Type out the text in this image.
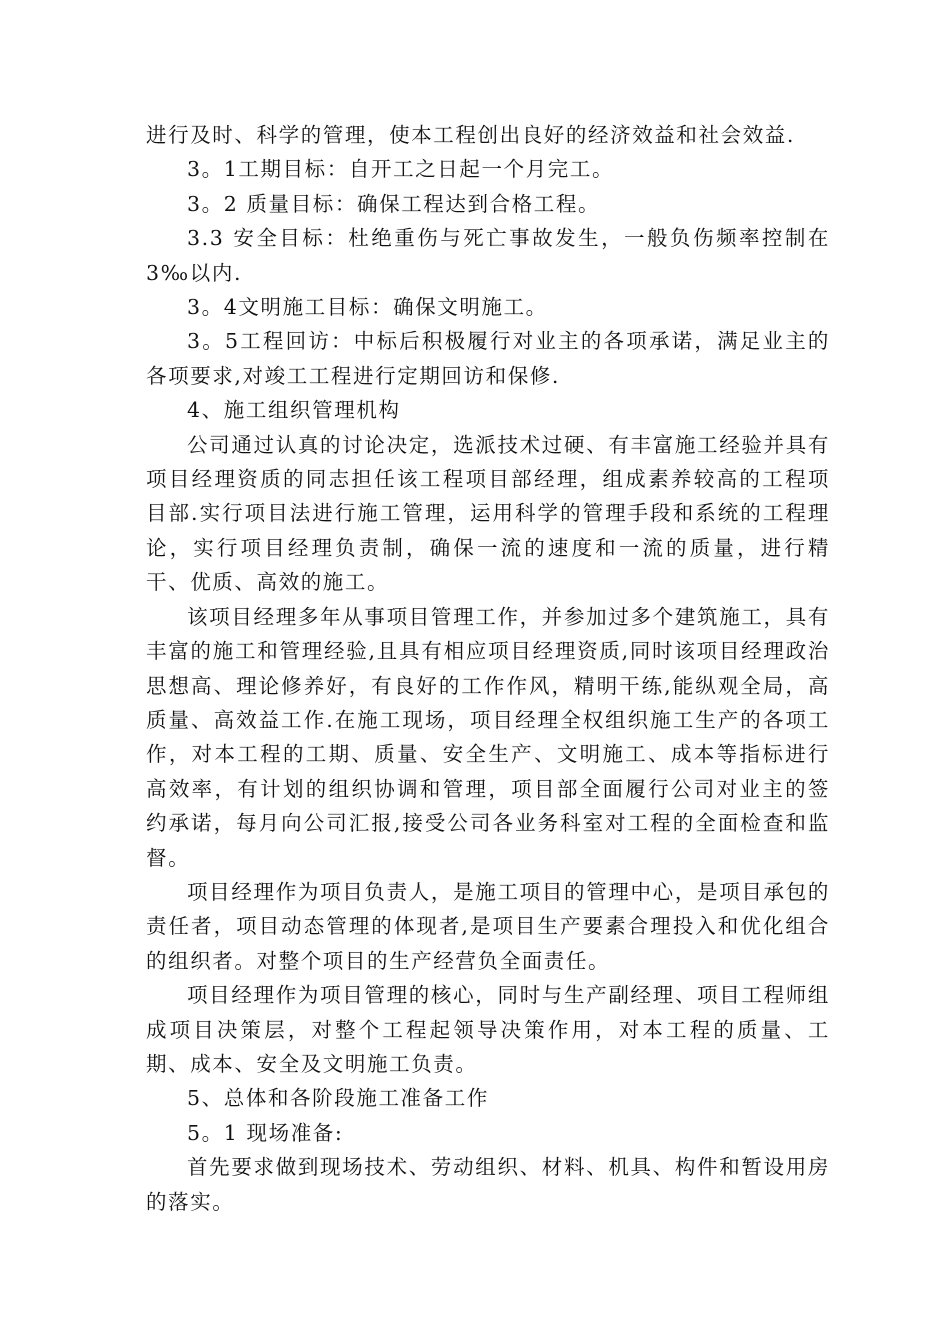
进行及时、科学的管理，使本工程创出良好的经济效益和社会效益.

3。1工期目标：自开工之日起一个月完工。

3。2 质量目标：确保工程达到合格工程。

3.3 安全目标：杜绝重伤与死亡事故发生，一般负伤频率控制在3‰以内.

3。4文明施工目标：确保文明施工。

3。5工程回访：中标后积极履行对业主的各项承诺，满足业主的各项要求,对竣工工程进行定期回访和保修.

4、施工组织管理机构

公司通过认真的讨论决定，选派技术过硬、有丰富施工经验并具有项目经理资质的同志担任该工程项目部经理，组成素养较高的工程项目部.实行项目法进行施工管理，运用科学的管理手段和系统的工程理论，实行项目经理负责制，确保一流的速度和一流的质量，进行精干、优质、高效的施工。

该项目经理多年从事项目管理工作，并参加过多个建筑施工，具有丰富的施工和管理经验,且具有相应项目经理资质,同时该项目经理政治思想高、理论修养好，有良好的工作作风，精明干练,能纵观全局，高质量、高效益工作.在施工现场，项目经理全权组织施工生产的各项工作，对本工程的工期、质量、安全生产、文明施工、成本等指标进行高效率，有计划的组织协调和管理，项目部全面履行公司对业主的签约承诺，每月向公司汇报,接受公司各业务科室对工程的全面检查和监督。

项目经理作为项目负责人，是施工项目的管理中心，是项目承包的责任者，项目动态管理的体现者,是项目生产要素合理投入和优化组合的组织者。对整个项目的生产经营负全面责任。

项目经理作为项目管理的核心，同时与生产副经理、项目工程师组成项目决策层，对整个工程起领导决策作用，对本工程的质量、工期、成本、安全及文明施工负责。

5、总体和各阶段施工准备工作

5。1 现场准备:

首先要求做到现场技术、劳动组织、材料、机具、构件和暂设用房的落实。
